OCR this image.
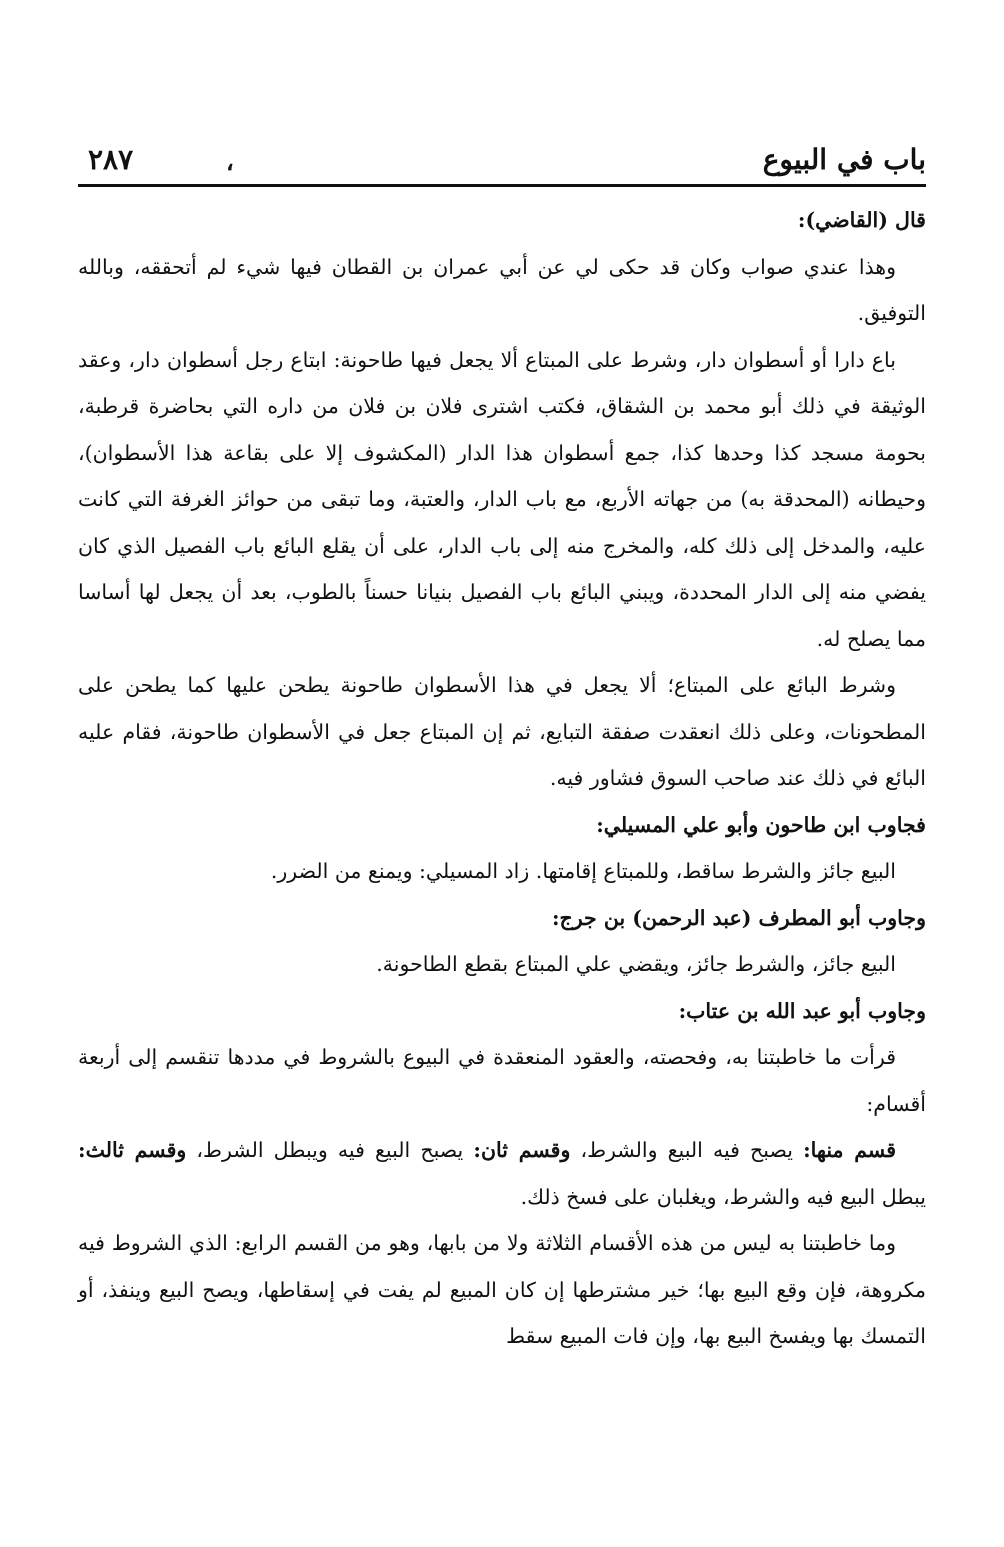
باب في البيوع
،
٢٨٧

قال (القاضي):

وهذا عندي صواب وكان قد حكى لي عن أبي عمران بن القطان فيها شيء لم أتحققه، وبالله التوفيق.

باع دارا أو أسطوان دار، وشرط على المبتاع ألا يجعل فيها طاحونة: ابتاع رجل أسطوان دار، وعقد الوثيقة في ذلك أبو محمد بن الشقاق، فكتب اشترى فلان بن فلان من داره التي بحاضرة قرطبة، بحومة مسجد كذا وحدها كذا، جمع أسطوان هذا الدار (المكشوف إلا على بقاعة هذا الأسطوان)، وحيطانه (المحدقة به) من جهاته الأربع، مع باب الدار، والعتبة، وما تبقى من حوائز الغرفة التي كانت عليه، والمدخل إلى ذلك كله، والمخرج منه إلى باب الدار، على أن يقلع البائع باب الفصيل الذي كان يفضي منه إلى الدار المحددة، ويبني البائع باب الفصيل بنيانا حسناً بالطوب، بعد أن يجعل لها أساسا مما يصلح له.

وشرط البائع على المبتاع؛ ألا يجعل في هذا الأسطوان طاحونة يطحن عليها كما يطحن على المطحونات، وعلى ذلك انعقدت صفقة التبايع، ثم إن المبتاع جعل في الأسطوان طاحونة، فقام عليه البائع في ذلك عند صاحب السوق فشاور فيه.

فجاوب ابن طاحون وأبو علي المسيلي:

البيع جائز والشرط ساقط، وللمبتاع إقامتها. زاد المسيلي: ويمنع من الضرر.

وجاوب أبو المطرف (عبد الرحمن) بن جرج:

البيع جائز، والشرط جائز، ويقضي علي المبتاع بقطع الطاحونة.

وجاوب أبو عبد الله بن عتاب:

قرأت ما خاطبتنا به، وفحصته، والعقود المنعقدة في البيوع بالشروط في مددها تنقسم إلى أربعة أقسام:

قسم منها: يصبح فيه البيع والشرط، وقسم ثان: يصبح البيع فيه ويبطل الشرط، وقسم ثالث: يبطل البيع فيه والشرط، ويغلبان على فسخ ذلك.

وما خاطبتنا به ليس من هذه الأقسام الثلاثة ولا من بابها، وهو من القسم الرابع: الذي الشروط فيه مكروهة، فإن وقع البيع بها؛ خير مشترطها إن كان المبيع لم يفت في إسقاطها، ويصح البيع وينفذ، أو التمسك بها ويفسخ البيع بها، وإن فات المبيع سقط
